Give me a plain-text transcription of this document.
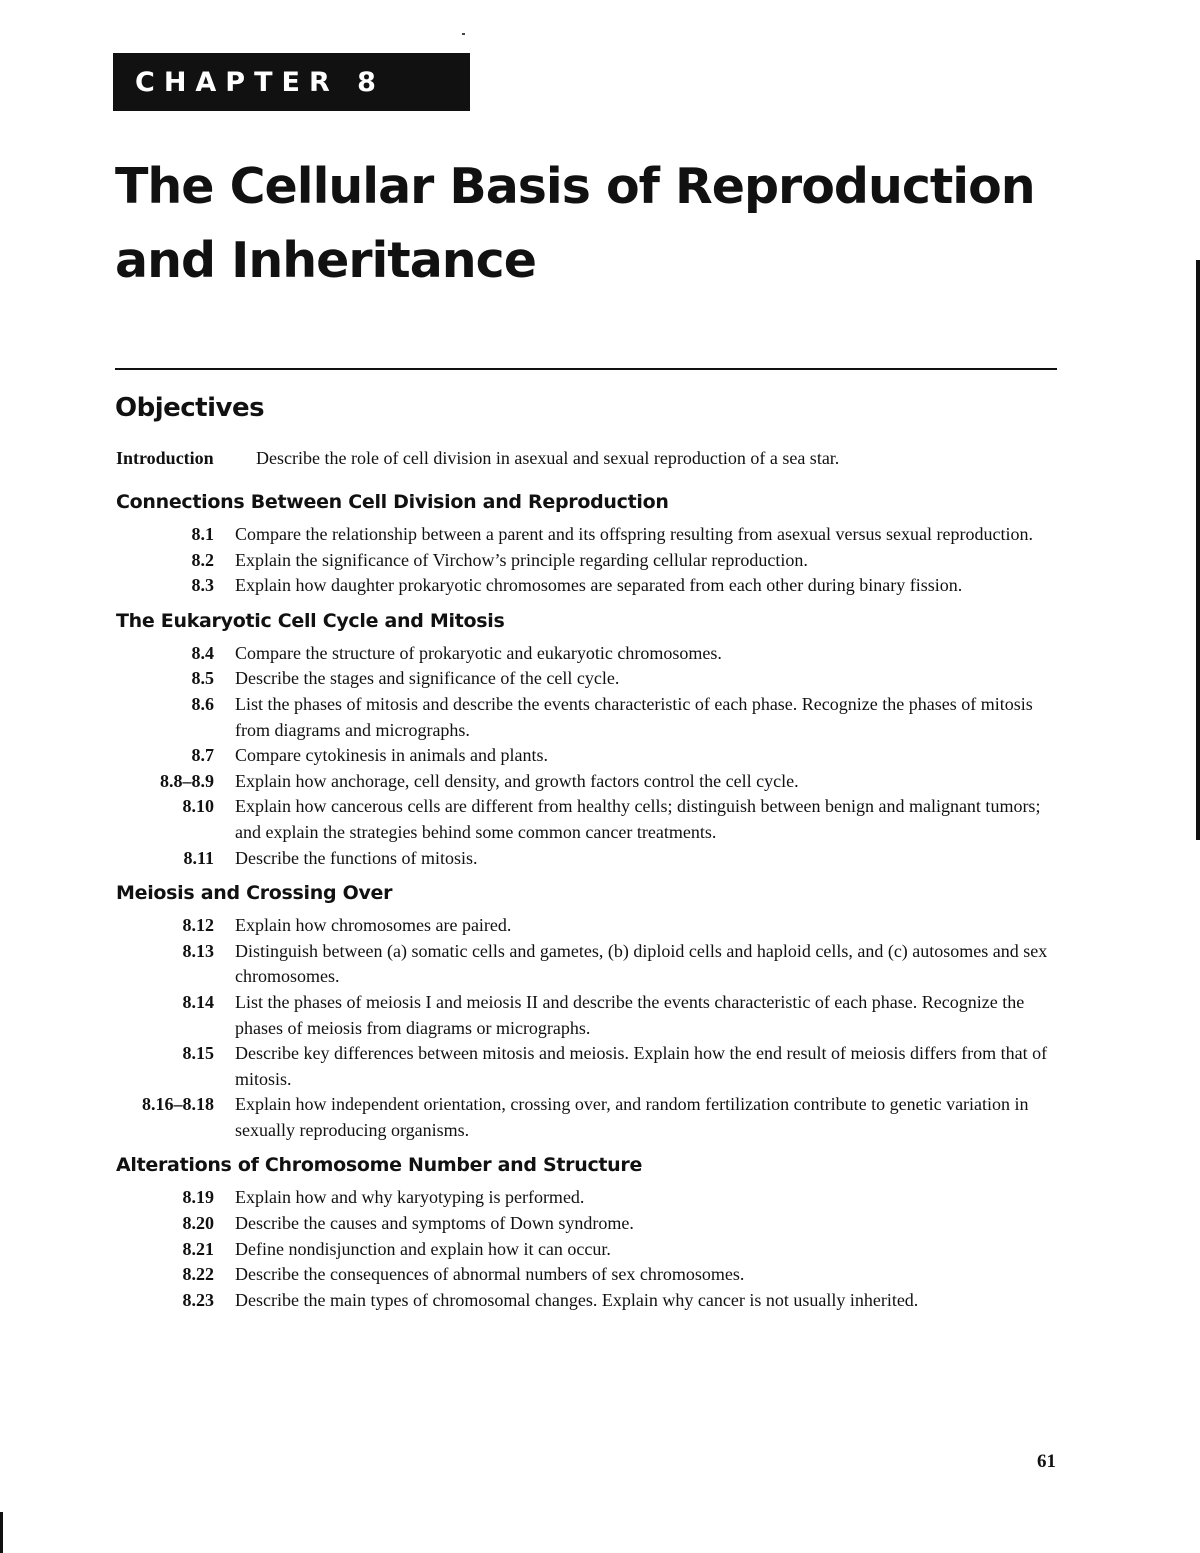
CHAPTER 8
The Cellular Basis of Reproduction
and Inheritance
Objectives
Introduction Describe the role of cell division in asexual and sexual reproduction of a sea star.
Connections Between Cell Division and Reproduction
8.1	Compare the relationship between a parent and its offspring resulting from asexual versus sexual reproduction.
8.2	Explain the significance of Virchow’s principle regarding cellular reproduction.
8.3	Explain how daughter prokaryotic chromosomes are separated from each other during binary fission.
The Eukaryotic Cell Cycle and Mitosis
8.4	Compare the structure of prokaryotic and eukaryotic chromosomes.
8.5	Describe the stages and significance of the cell cycle.
8.6	List the phases of mitosis and describe the events characteristic of each phase. Recognize the phases of mitosis from diagrams and micrographs.
8.7	Compare cytokinesis in animals and plants.
8.8–8.9	Explain how anchorage, cell density, and growth factors control the cell cycle.
8.10	Explain how cancerous cells are different from healthy cells; distinguish between benign and malignant tumors; and explain the strategies behind some common cancer treatments.
8.11	Describe the functions of mitosis.
Meiosis and Crossing Over
8.12	Explain how chromosomes are paired.
8.13	Distinguish between (a) somatic cells and gametes, (b) diploid cells and haploid cells, and (c) autosomes and sex chromosomes.
8.14	List the phases of meiosis I and meiosis II and describe the events characteristic of each phase. Recognize the phases of meiosis from diagrams or micrographs.
8.15	Describe key differences between mitosis and meiosis. Explain how the end result of meiosis differs from that of mitosis.
8.16–8.18	Explain how independent orientation, crossing over, and random fertilization contribute to genetic variation in sexually reproducing organisms.
Alterations of Chromosome Number and Structure
8.19	Explain how and why karyotyping is performed.
8.20	Describe the causes and symptoms of Down syndrome.
8.21	Define nondisjunction and explain how it can occur.
8.22	Describe the consequences of abnormal numbers of sex chromosomes.
8.23	Describe the main types of chromosomal changes. Explain why cancer is not usually inherited.
61
